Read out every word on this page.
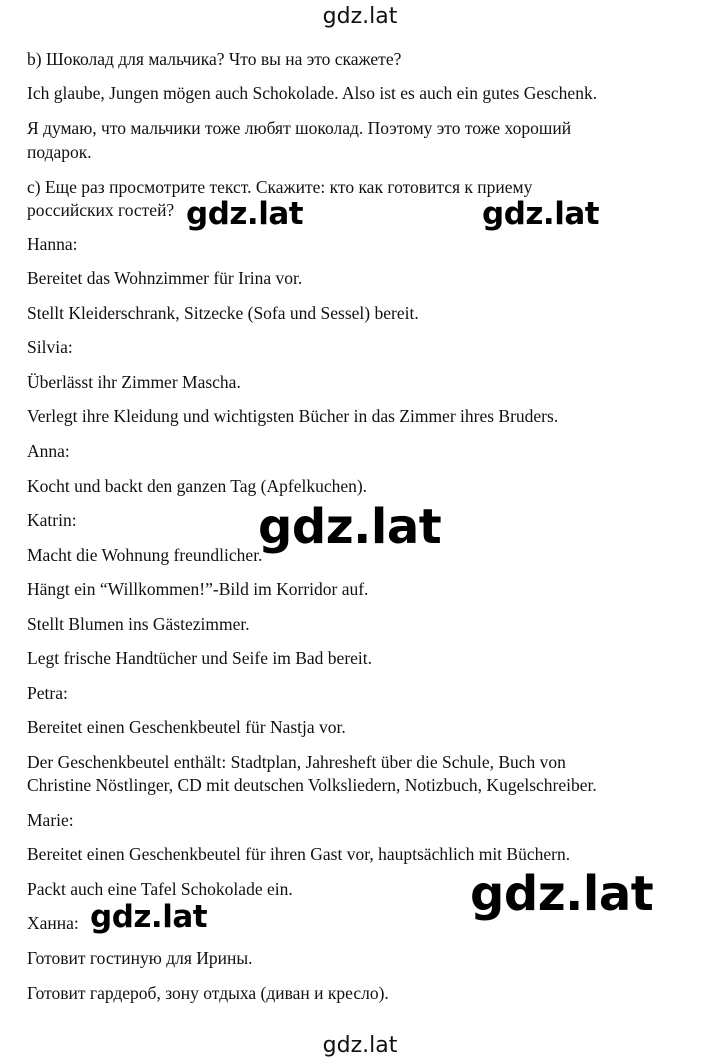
gdz.lat
b) Шоколад для мальчика? Что вы на это скажете?
Ich glaube, Jungen mögen auch Schokolade. Also ist es auch ein gutes Geschenk.
Я думаю, что мальчики тоже любят шоколад. Поэтому это тоже хороший
подарок.
c) Еще раз просмотрите текст. Скажите: кто как готовится к приему
российских гостей?
Hanna:
Bereitet das Wohnzimmer für Irina vor.
Stellt Kleiderschrank, Sitzecke (Sofa und Sessel) bereit.
Silvia:
Überlässt ihr Zimmer Mascha.
Verlegt ihre Kleidung und wichtigsten Bücher in das Zimmer ihres Bruders.
Anna:
Kocht und backt den ganzen Tag (Apfelkuchen).
Katrin:
Macht die Wohnung freundlicher.
Hängt ein “Willkommen!”-Bild im Korridor auf.
Stellt Blumen ins Gästezimmer.
Legt frische Handtücher und Seife im Bad bereit.
Petra:
Bereitet einen Geschenkbeutel für Nastja vor.
Der Geschenkbeutel enthält: Stadtplan, Jahresheft über die Schule, Buch von
Christine Nöstlinger, CD mit deutschen Volksliedern, Notizbuch, Kugelschreiber.
Marie:
Bereitet einen Geschenkbeutel für ihren Gast vor, hauptsächlich mit Büchern.
Packt auch eine Tafel Schokolade ein.
Ханна:
Готовит гостиную для Ирины.
Готовит гардероб, зону отдыха (диван и кресло).
gdz.lat	gdz.lat
gdz.lat
gdz.lat
gdz.lat
gdz.lat
